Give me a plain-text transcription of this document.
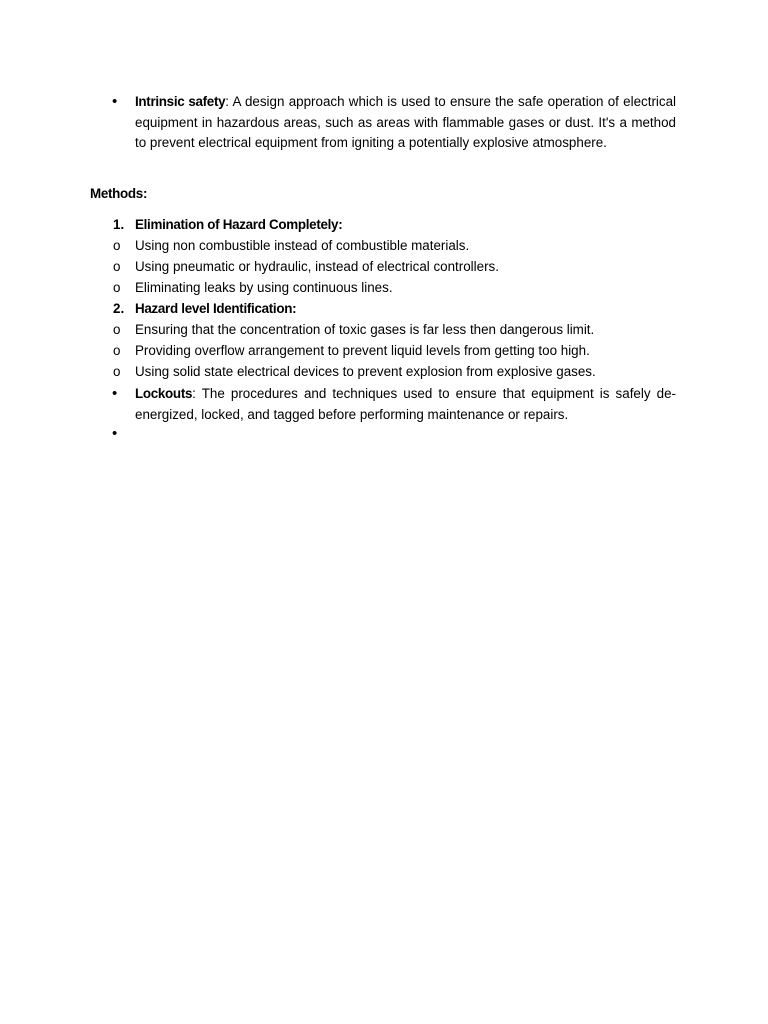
•	Intrinsic safety: A design approach which is used to ensure the safe operation of electrical equipment in hazardous areas, such as areas with flammable gases or dust. It's a method to prevent electrical equipment from igniting a potentially explosive atmosphere.
Methods:
1. Elimination of Hazard Completely:
o	Using non combustible instead of combustible materials.
o	Using pneumatic or hydraulic, instead of electrical controllers.
o	Eliminating leaks by using continuous lines.
2. Hazard level Identification:
o	Ensuring that the concentration of toxic gases is far less then dangerous limit.
o	Providing overflow arrangement to prevent liquid levels from getting too high.
o	Using solid state electrical devices to prevent explosion from explosive gases.
•	Lockouts: The procedures and techniques used to ensure that equipment is safely de-energized, locked, and tagged before performing maintenance or repairs.
•
